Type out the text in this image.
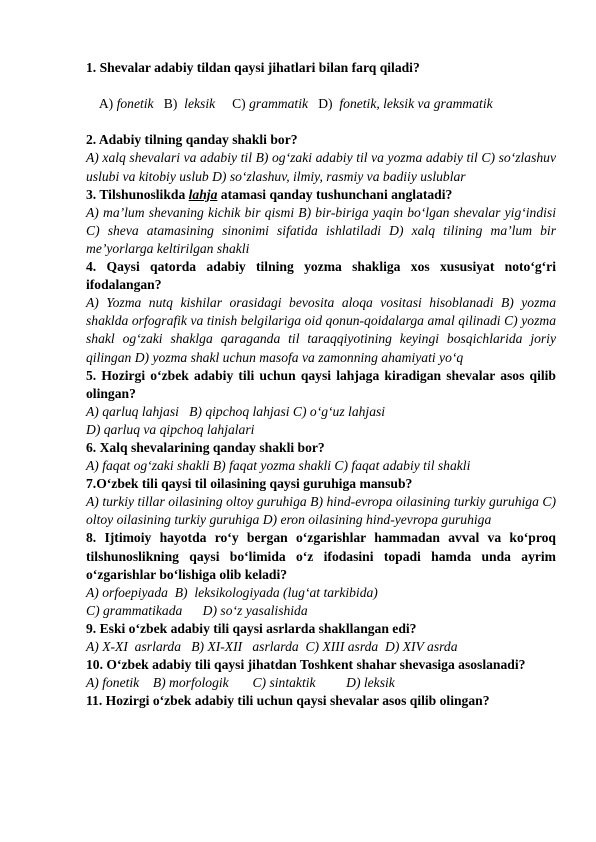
1. Shevalar adabiy tildan qaysi jihatlari bilan farq qiladi?

A) fonetik   B)  leksik     C) grammatik   D)  fonetik, leksik va grammatik

2. Adabiy tilning qanday shakli bor?
A) xalq shevalari va adabiy til B) og‘zaki adabiy til va yozma adabiy til C) so‘zlashuv uslubi va kitobiy uslub D) so‘zlashuv, ilmiy, rasmiy va badiiy uslublar
3. Tilshunoslikda lahja atamasi qanday tushunchani anglatadi?
A) ma’lum shevaning kichik bir qismi B) bir-biriga yaqin bo‘lgan shevalar yig‘indisi C) sheva atamasining sinonimi sifatida ishlatiladi D) xalq tilining ma’lum bir me’yorlarga keltirilgan shakli
4. Qaysi qatorda adabiy tilning yozma shakliga xos xususiyat noto‘g‘ri ifodalangan?
A) Yozma nutq kishilar orasidagi bevosita aloqa vositasi hisoblanadi B) yozma shaklda orfografik va tinish belgilariga oid qonun-qoidalarga amal qilinadi C) yozma shakl og‘zaki shaklga qaraganda til taraqqiyotining keyingi bosqichlarida joriy qilingan D) yozma shakl uchun masofa va zamonning ahamiyati yo‘q
5. Hozirgi o‘zbek adabiy tili uchun qaysi lahjaga kiradigan shevalar asos qilib olingan?
A) qarluq lahjasi   B) qipchoq lahjasi C) o‘g‘uz lahjasi
D) qarluq va qipchoq lahjalari
6. Xalq shevalarining qanday shakli bor?
A) faqat og‘zaki shakli B) faqat yozma shakli C) faqat adabiy til shakli
7.O‘zbek tili qaysi til oilasining qaysi guruhiga mansub?
A) turkiy tillar oilasining oltoy guruhiga B) hind-evropa oilasining turkiy guruhiga C) oltoy oilasining turkiy guruhiga D) eron oilasining hind-yevropa guruhiga
8. Ijtimoiy hayotda ro‘y bergan o‘zgarishlar hammadan avval va ko‘proq tilshunoslikning qaysi bo‘limida o‘z ifodasini topadi hamda unda ayrim o‘zgarishlar bo‘lishiga olib keladi?
A) orfoepiyada  B)  leksikologiyada (lug‘at tarkibida)
C) grammatikada      D) so‘z yasalishida
9. Eski o‘zbek adabiy tili qaysi asrlarda shakllangan edi?
A) X-XI  asrlarda   B) XI-XII   asrlarda  C) XIII asrda  D) XIV asrda
10. O‘zbek adabiy tili qaysi jihatdan Toshkent shahar shevasiga asoslanadi?
A) fonetik    B) morfologik       C) sintaktik         D) leksik
11. Hozirgi o‘zbek adabiy tili uchun qaysi shevalar asos qilib olingan?
